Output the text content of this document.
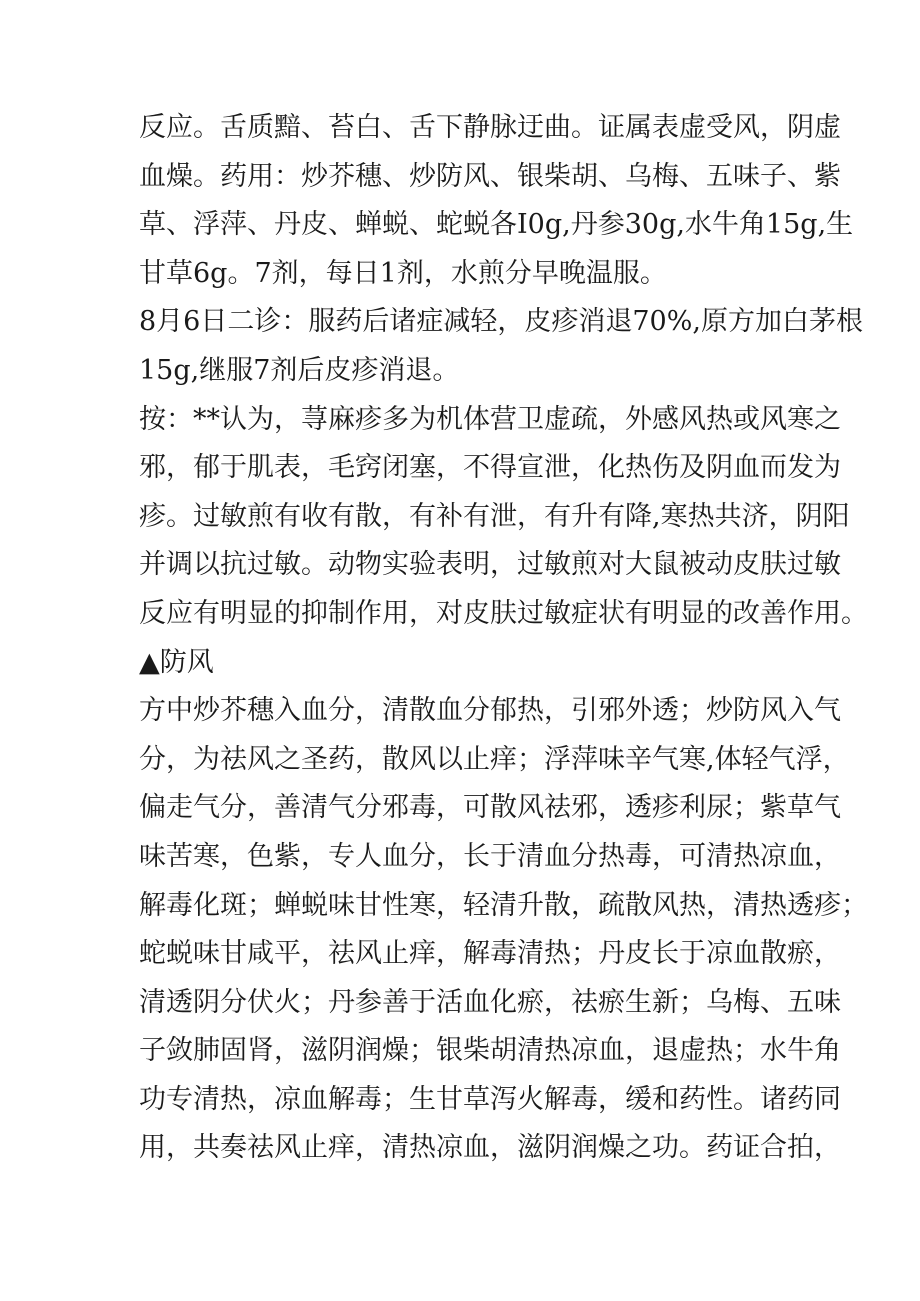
反应。舌质黯、苔白、舌下静脉迂曲。证属表虚受风，阴虚
血燥。药用：炒芥穗、炒防风、银柴胡、乌梅、五味子、紫
草、浮萍、丹皮、蝉蜕、蛇蜕各I0g,丹参30g,水牛角15g,生
甘草6g。7剂，每日1剂，水煎分早晚温服。
8月6日二诊：服药后诸症减轻，皮疹消退70%,原方加白茅根
15g,继服7剂后皮疹消退。
按：**认为，荨麻疹多为机体营卫虚疏，外感风热或风寒之
邪，郁于肌表，毛窍闭塞，不得宣泄，化热伤及阴血而发为
疹。过敏煎有收有散，有补有泄，有升有降,寒热共济，阴阳
并调以抗过敏。动物实验表明，过敏煎对大鼠被动皮肤过敏
反应有明显的抑制作用，对皮肤过敏症状有明显的改善作用。
▲防风
方中炒芥穗入血分，清散血分郁热，引邪外透；炒防风入气
分，为祛风之圣药，散风以止痒；浮萍味辛气寒,体轻气浮，
偏走气分，善清气分邪毒，可散风祛邪，透疹利尿；紫草气
味苦寒，色紫，专人血分，长于清血分热毒，可清热凉血，
解毒化斑；蝉蜕味甘性寒，轻清升散，疏散风热，清热透疹；
蛇蜕味甘咸平，祛风止痒，解毒清热；丹皮长于凉血散瘀，
清透阴分伏火；丹参善于活血化瘀，祛瘀生新；乌梅、五味
子敛肺固肾，滋阴润燥；银柴胡清热凉血，退虚热；水牛角
功专清热，凉血解毒；生甘草泻火解毒，缓和药性。诸药同
用，共奏祛风止痒，清热凉血，滋阴润燥之功。药证合拍，
